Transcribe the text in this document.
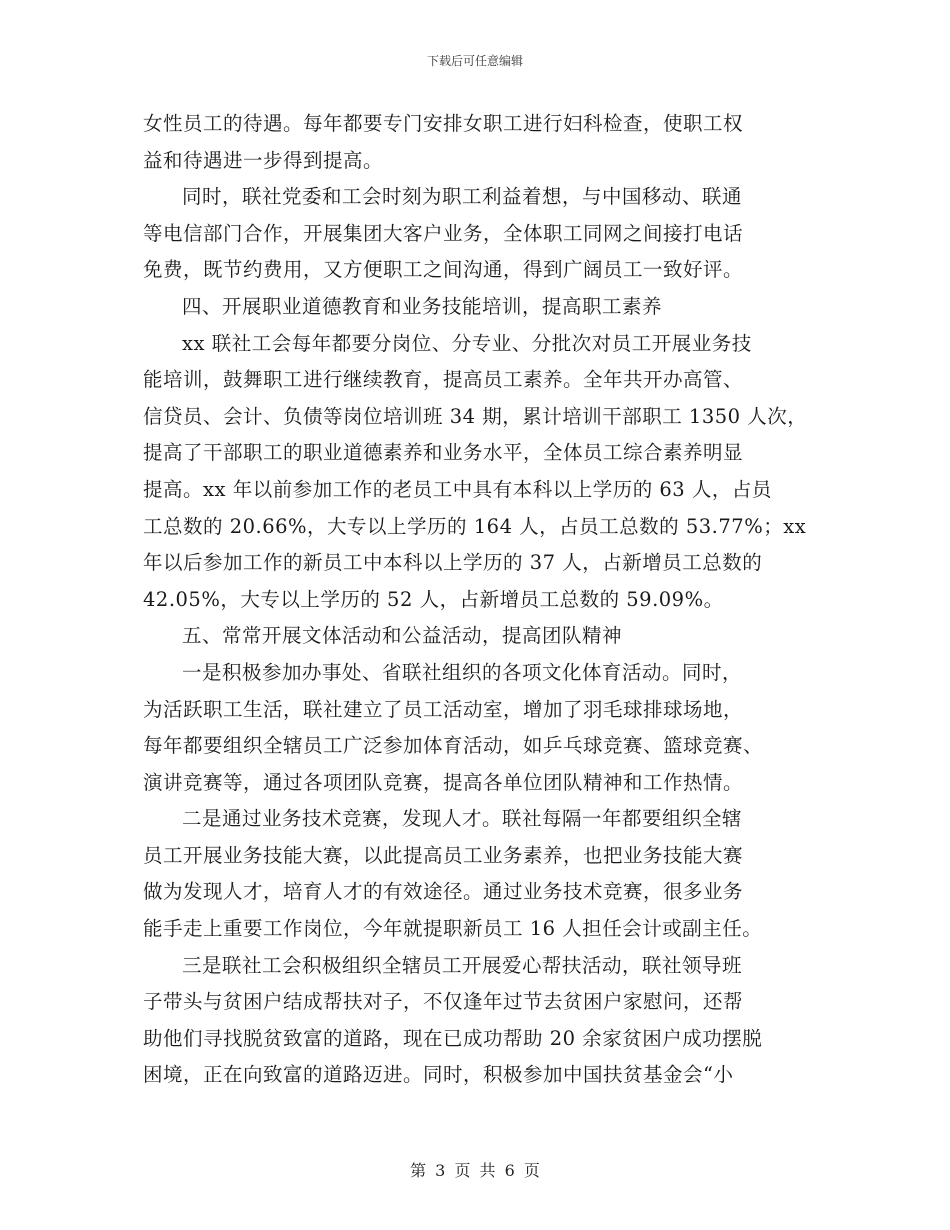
下载后可任意编辑
女性员工的待遇。每年都要专门安排女职工进行妇科检查，使职工权
益和待遇进一步得到提高。
同时，联社党委和工会时刻为职工利益着想，与中国移动、联通
等电信部门合作，开展集团大客户业务，全体职工同网之间接打电话
免费，既节约费用，又方便职工之间沟通，得到广阔员工一致好评。
四、开展职业道德教育和业务技能培训，提高职工素养
xx 联社工会每年都要分岗位、分专业、分批次对员工开展业务技
能培训，鼓舞职工进行继续教育，提高员工素养。全年共开办高管、
信贷员、会计、负债等岗位培训班 34 期，累计培训干部职工 1350 人次，
提高了干部职工的职业道德素养和业务水平，全体员工综合素养明显
提高。xx 年以前参加工作的老员工中具有本科以上学历的 63 人，占员
工总数的 20.66%，大专以上学历的 164 人，占员工总数的 53.77%；xx
年以后参加工作的新员工中本科以上学历的 37 人，占新增员工总数的
42.05%，大专以上学历的 52 人，占新增员工总数的 59.09%。
五、常常开展文体活动和公益活动，提高团队精神
一是积极参加办事处、省联社组织的各项文化体育活动。同时，
为活跃职工生活，联社建立了员工活动室，增加了羽毛球排球场地，
每年都要组织全辖员工广泛参加体育活动，如乒乓球竞赛、篮球竞赛、
演讲竞赛等，通过各项团队竞赛，提高各单位团队精神和工作热情。
二是通过业务技术竞赛，发现人才。联社每隔一年都要组织全辖
员工开展业务技能大赛，以此提高员工业务素养，也把业务技能大赛
做为发现人才，培育人才的有效途径。通过业务技术竞赛，很多业务
能手走上重要工作岗位，今年就提职新员工 16 人担任会计或副主任。
三是联社工会积极组织全辖员工开展爱心帮扶活动，联社领导班
子带头与贫困户结成帮扶对子，不仅逢年过节去贫困户家慰问，还帮
助他们寻找脱贫致富的道路，现在已成功帮助 20 余家贫困户成功摆脱
困境，正在向致富的道路迈进。同时，积极参加中国扶贫基金会“小
第 3 页 共 6 页
